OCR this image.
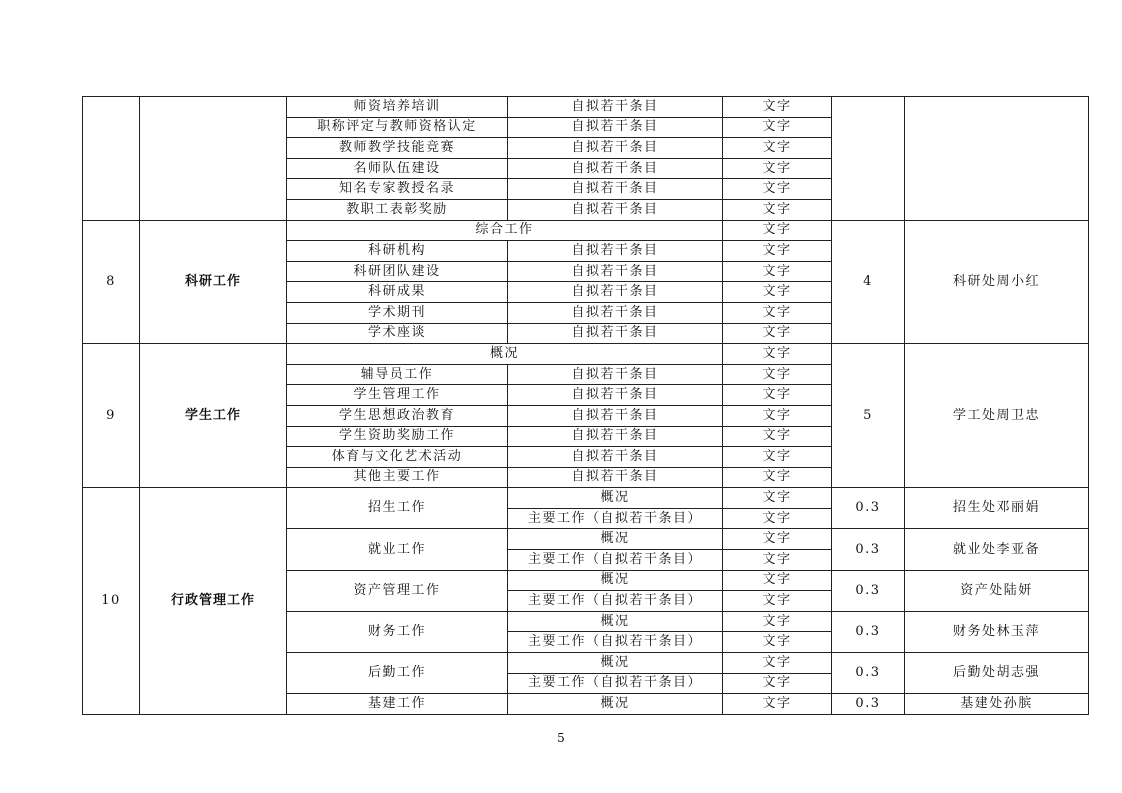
		师资培养培训	自拟若干条目	文字		
		职称评定与教师资格认定	自拟若干条目	文字		
		教师教学技能竞赛	自拟若干条目	文字		
		名师队伍建设	自拟若干条目	文字		
		知名专家教授名录	自拟若干条目	文字		
		教职工表彰奖励	自拟若干条目	文字		
8	科研工作	综合工作		文字	4	科研处周小红
		科研机构	自拟若干条目	文字		
		科研团队建设	自拟若干条目	文字		
		科研成果	自拟若干条目	文字		
		学术期刊	自拟若干条目	文字		
		学术座谈	自拟若干条目	文字		
9	学生工作	概况		文字	5	学工处周卫忠
		辅导员工作	自拟若干条目	文字		
		学生管理工作	自拟若干条目	文字		
		学生思想政治教育	自拟若干条目	文字		
		学生资助奖励工作	自拟若干条目	文字		
		体育与文化艺术活动	自拟若干条目	文字		
		其他主要工作	自拟若干条目	文字		
10	行政管理工作	招生工作	概况	文字	0.3	招生处邓丽娟
			主要工作（自拟若干条目）	文字		
		就业工作	概况	文字	0.3	就业处李亚备
			主要工作（自拟若干条目）	文字		
		资产管理工作	概况	文字	0.3	资产处陆妍
			主要工作（自拟若干条目）	文字		
		财务工作	概况	文字	0.3	财务处林玉萍
			主要工作（自拟若干条目）	文字		
		后勤工作	概况	文字	0.3	后勤处胡志强
			主要工作（自拟若干条目）	文字		
		基建工作	概况	文字	0.3	基建处孙膑
5
